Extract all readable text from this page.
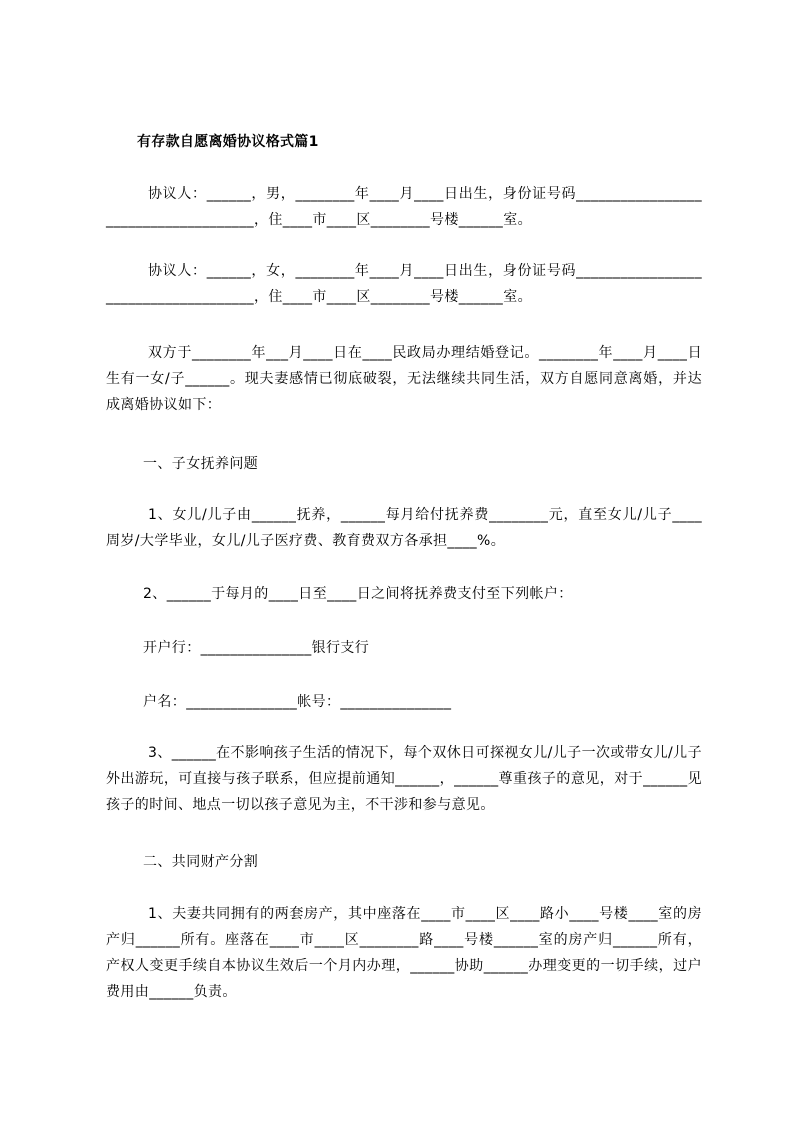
有存款自愿离婚协议格式篇1

协议人：______，男，________年____月____日出生，身份证号码_____________________________________，住____市____区________号楼______室。

协议人：______，女，________年____月____日出生，身份证号码_____________________________________，住____市____区________号楼______室。

双方于________年___月____日在____民政局办理结婚登记。________年____月____日生有一女/子______。现夫妻感情已彻底破裂，无法继续共同生活，双方自愿同意离婚，并达成离婚协议如下：

一、子女抚养问题

1、女儿/儿子由______抚养，______每月给付抚养费________元，直至女儿/儿子____周岁/大学毕业，女儿/儿子医疗费、教育费双方各承担____%。

2、______于每月的____日至____日之间将抚养费支付至下列帐户：
开户行：_______________银行支行
户名：_______________帐号：_______________

3、______在不影响孩子生活的情况下，每个双休日可探视女儿/儿子一次或带女儿/儿子外出游玩，可直接与孩子联系，但应提前通知______，______尊重孩子的意见，对于______见孩子的时间、地点一切以孩子意见为主，不干涉和参与意见。

二、共同财产分割

1、夫妻共同拥有的两套房产，其中座落在____市____区____路小____号楼____室的房产归______所有。座落在____市____区________路____号楼______室的房产归______所有，产权人变更手续自本协议生效后一个月内办理，______协助______办理变更的一切手续，过户费用由______负责。
